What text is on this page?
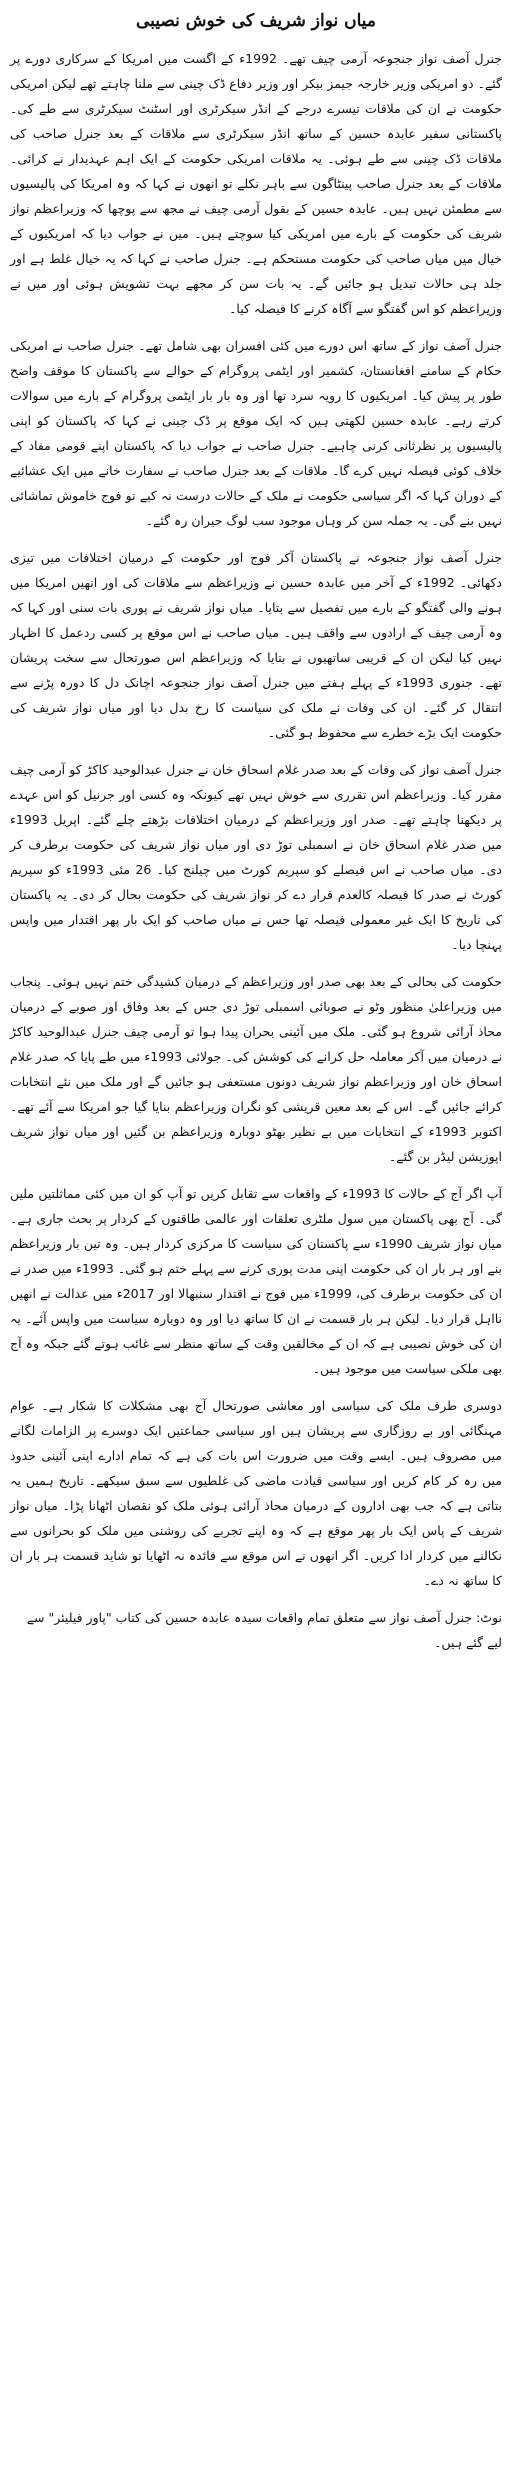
میاں نواز شریف کی خوش نصیبی

جنرل آصف نواز جنجوعہ آرمی چیف تھے۔ 1992ء کے اگست میں امریکا کے سرکاری دورے پر گئے۔ دو امریکی وزیر خارجہ جیمز بیکر اور وزیر دفاع ڈک چینی سے ملنا چاہتے تھے لیکن امریکی حکومت نے ان کی ملاقات تیسرے درجے کے انڈر سیکرٹری اور اسٹنٹ سیکرٹری سے طے کی۔ پاکستانی سفیر عابدہ حسین کے ساتھ انڈر سیکرٹری سے ملاقات کے بعد جنرل صاحب کی ملاقات ڈک چینی سے طے ہوئی۔ یہ ملاقات امریکی حکومت کے ایک اہم عہدیدار نے کرائی۔ ملاقات کے بعد جنرل صاحب پینٹاگون سے باہر نکلے تو انھوں نے کہا کہ وہ امریکا کی پالیسیوں سے مطمئن نہیں ہیں۔ عابدہ حسین کے بقول آرمی چیف نے مجھ سے پوچھا کہ وزیراعظم نواز شریف کی حکومت کے بارے میں امریکی کیا سوچتے ہیں۔ میں نے جواب دیا کہ امریکیوں کے خیال میں میاں صاحب کی حکومت مستحکم ہے۔ جنرل صاحب نے کہا کہ یہ خیال غلط ہے اور جلد ہی حالات تبدیل ہو جائیں گے۔ یہ بات سن کر مجھے بہت تشویش ہوئی اور میں نے وزیراعظم کو اس گفتگو سے آگاہ کرنے کا فیصلہ کیا۔

جنرل آصف نواز کے ساتھ اس دورے میں کئی افسران بھی شامل تھے۔ جنرل صاحب نے امریکی حکام کے سامنے افغانستان، کشمیر اور ایٹمی پروگرام کے حوالے سے پاکستان کا موقف واضح طور پر پیش کیا۔ امریکیوں کا رویہ سرد تھا اور وہ بار بار ایٹمی پروگرام کے بارے میں سوالات کرتے رہے۔ عابدہ حسین لکھتی ہیں کہ ایک موقع پر ڈک چینی نے کہا کہ پاکستان کو اپنی پالیسیوں پر نظرثانی کرنی چاہیے۔ جنرل صاحب نے جواب دیا کہ پاکستان اپنے قومی مفاد کے خلاف کوئی فیصلہ نہیں کرے گا۔ ملاقات کے بعد جنرل صاحب نے سفارت خانے میں ایک عشائیے کے دوران کہا کہ اگر سیاسی حکومت نے ملک کے حالات درست نہ کیے تو فوج خاموش تماشائی نہیں بنے گی۔ یہ جملہ سن کر وہاں موجود سب لوگ حیران رہ گئے۔

جنرل آصف نواز جنجوعہ نے پاکستان آکر فوج اور حکومت کے درمیان اختلافات میں تیزی دکھائی۔ 1992ء کے آخر میں عابدہ حسین نے وزیراعظم سے ملاقات کی اور انھیں امریکا میں ہونے والی گفتگو کے بارے میں تفصیل سے بتایا۔ میاں نواز شریف نے پوری بات سنی اور کہا کہ وہ آرمی چیف کے ارادوں سے واقف ہیں۔ میاں صاحب نے اس موقع پر کسی ردعمل کا اظہار نہیں کیا لیکن ان کے قریبی ساتھیوں نے بتایا کہ وزیراعظم اس صورتحال سے سخت پریشان تھے۔ جنوری 1993ء کے پہلے ہفتے میں جنرل آصف نواز جنجوعہ اچانک دل کا دورہ پڑنے سے انتقال کر گئے۔ ان کی وفات نے ملک کی سیاست کا رخ بدل دیا اور میاں نواز شریف کی حکومت ایک بڑے خطرے سے محفوظ ہو گئی۔

جنرل آصف نواز کی وفات کے بعد صدر غلام اسحاق خان نے جنرل عبدالوحید کاکڑ کو آرمی چیف مقرر کیا۔ وزیراعظم اس تقرری سے خوش نہیں تھے کیونکہ وہ کسی اور جرنیل کو اس عہدے پر دیکھنا چاہتے تھے۔ صدر اور وزیراعظم کے درمیان اختلافات بڑھتے چلے گئے۔ اپریل 1993ء میں صدر غلام اسحاق خان نے اسمبلی توڑ دی اور میاں نواز شریف کی حکومت برطرف کر دی۔ میاں صاحب نے اس فیصلے کو سپریم کورٹ میں چیلنج کیا۔ 26 مئی 1993ء کو سپریم کورٹ نے صدر کا فیصلہ کالعدم قرار دے کر نواز شریف کی حکومت بحال کر دی۔ یہ پاکستان کی تاریخ کا ایک غیر معمولی فیصلہ تھا جس نے میاں صاحب کو ایک بار پھر اقتدار میں واپس پہنچا دیا۔

حکومت کی بحالی کے بعد بھی صدر اور وزیراعظم کے درمیان کشیدگی ختم نہیں ہوئی۔ پنجاب میں وزیراعلیٰ منظور وٹو نے صوبائی اسمبلی توڑ دی جس کے بعد وفاق اور صوبے کے درمیان محاذ آرائی شروع ہو گئی۔ ملک میں آئینی بحران پیدا ہوا تو آرمی چیف جنرل عبدالوحید کاکڑ نے درمیان میں آکر معاملہ حل کرانے کی کوشش کی۔ جولائی 1993ء میں طے پایا کہ صدر غلام اسحاق خان اور وزیراعظم نواز شریف دونوں مستعفی ہو جائیں گے اور ملک میں نئے انتخابات کرائے جائیں گے۔ اس کے بعد معین قریشی کو نگران وزیراعظم بنایا گیا جو امریکا سے آئے تھے۔ اکتوبر 1993ء کے انتخابات میں بے نظیر بھٹو دوبارہ وزیراعظم بن گئیں اور میاں نواز شریف اپوزیشن لیڈر بن گئے۔

آپ اگر آج کے حالات کا 1993ء کے واقعات سے تقابل کریں تو آپ کو ان میں کئی مماثلتیں ملیں گی۔ آج بھی پاکستان میں سول ملٹری تعلقات اور عالمی طاقتوں کے کردار پر بحث جاری ہے۔ میاں نواز شریف 1990ء سے پاکستان کی سیاست کا مرکزی کردار ہیں۔ وہ تین بار وزیراعظم بنے اور ہر بار ان کی حکومت اپنی مدت پوری کرنے سے پہلے ختم ہو گئی۔ 1993ء میں صدر نے ان کی حکومت برطرف کی، 1999ء میں فوج نے اقتدار سنبھالا اور 2017ء میں عدالت نے انھیں نااہل قرار دیا۔ لیکن ہر بار قسمت نے ان کا ساتھ دیا اور وہ دوبارہ سیاست میں واپس آئے۔ یہ ان کی خوش نصیبی ہے کہ ان کے مخالفین وقت کے ساتھ منظر سے غائب ہوتے گئے جبکہ وہ آج بھی ملکی سیاست میں موجود ہیں۔

دوسری طرف ملک کی سیاسی اور معاشی صورتحال آج بھی مشکلات کا شکار ہے۔ عوام مہنگائی اور بے روزگاری سے پریشان ہیں اور سیاسی جماعتیں ایک دوسرے پر الزامات لگانے میں مصروف ہیں۔ ایسے وقت میں ضرورت اس بات کی ہے کہ تمام ادارے اپنی آئینی حدود میں رہ کر کام کریں اور سیاسی قیادت ماضی کی غلطیوں سے سبق سیکھے۔ تاریخ ہمیں یہ بتاتی ہے کہ جب بھی اداروں کے درمیان محاذ آرائی ہوئی ملک کو نقصان اٹھانا پڑا۔ میاں نواز شریف کے پاس ایک بار پھر موقع ہے کہ وہ اپنے تجربے کی روشنی میں ملک کو بحرانوں سے نکالنے میں کردار ادا کریں۔ اگر انھوں نے اس موقع سے فائدہ نہ اٹھایا تو شاید قسمت ہر بار ان کا ساتھ نہ دے۔

نوٹ: جنرل آصف نواز سے متعلق تمام واقعات سیدہ عابدہ حسین کی کتاب "پاور فیلیئر" سے لیے گئے ہیں۔
